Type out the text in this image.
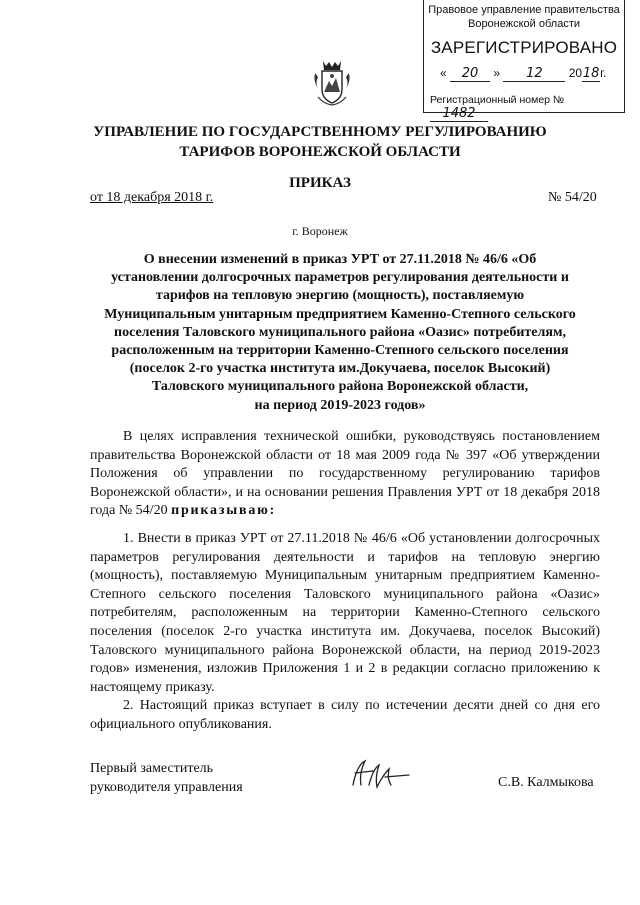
Правовое управление правительства
Воронежской области
ЗАРЕГИСТРИРОВАНО
« 20 » 12 2018г.
Регистрационный номер № 1482
УПРАВЛЕНИЕ ПО ГОСУДАРСТВЕННОМУ РЕГУЛИРОВАНИЮ
ТАРИФОВ ВОРОНЕЖСКОЙ ОБЛАСТИ
ПРИКАЗ
от 18 декабря 2018 г.	№ 54/20
г. Воронеж
О внесении изменений в приказ УРТ от 27.11.2018 № 46/6 «Об
установлении долгосрочных параметров регулирования деятельности и
тарифов на тепловую энергию (мощность), поставляемую
Муниципальным унитарным предприятием Каменно-Степного сельского
поселения Таловского муниципального района «Оазис» потребителям,
расположенным на территории Каменно-Степного сельского поселения
(поселок 2-го участка института им.Докучаева, поселок Высокий)
Таловского муниципального района Воронежской области,
на период 2019-2023 годов»
В целях исправления технической ошибки, руководствуясь постановлением правительства Воронежской области от 18 мая 2009 года № 397 «Об утверждении Положения об управлении по государственному регулированию тарифов Воронежской области», и на основании решения Правления УРТ от 18 декабря 2018 года № 54/20 приказываю:
1. Внести в приказ УРТ от 27.11.2018 № 46/6 «Об установлении долгосрочных параметров регулирования деятельности и тарифов на тепловую энергию (мощность), поставляемую Муниципальным унитарным предприятием Каменно-Степного сельского поселения Таловского муниципального района «Оазис» потребителям, расположенным на территории Каменно-Степного сельского поселения (поселок 2-го участка института им. Докучаева, поселок Высокий) Таловского муниципального района Воронежской области, на период 2019-2023 годов» изменения, изложив Приложения 1 и 2 в редакции согласно приложению к настоящему приказу.
2. Настоящий приказ вступает в силу по истечении десяти дней со дня его официального опубликования.
Первый заместитель
руководителя управления	С.В. Калмыкова
